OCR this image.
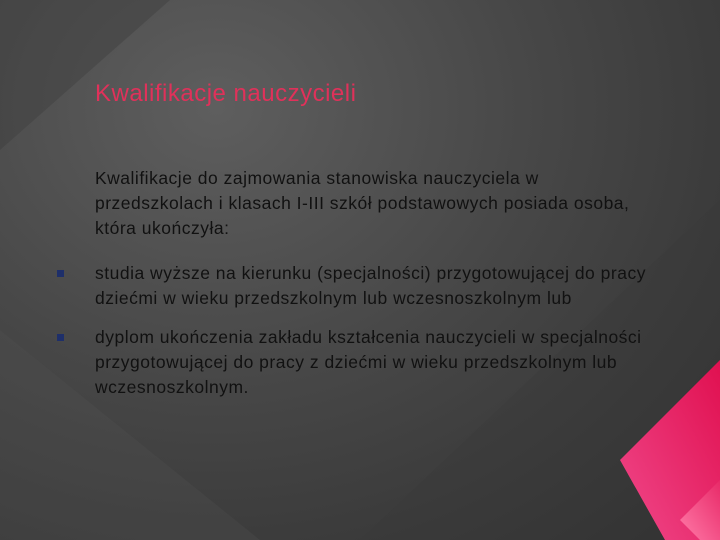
Kwalifikacje nauczycieli

Kwalifikacje do zajmowania stanowiska nauczyciela w przedszkolach i klasach I-III szkół podstawowych posiada osoba, która ukończyła:

studia wyższe na kierunku (specjalności) przygotowującej do pracy dziećmi w wieku przedszkolnym lub wczesnoszkolnym lub

dyplom ukończenia zakładu kształcenia nauczycieli w specjalności przygotowującej do pracy z dziećmi w wieku przedszkolnym lub wczesnoszkolnym.
